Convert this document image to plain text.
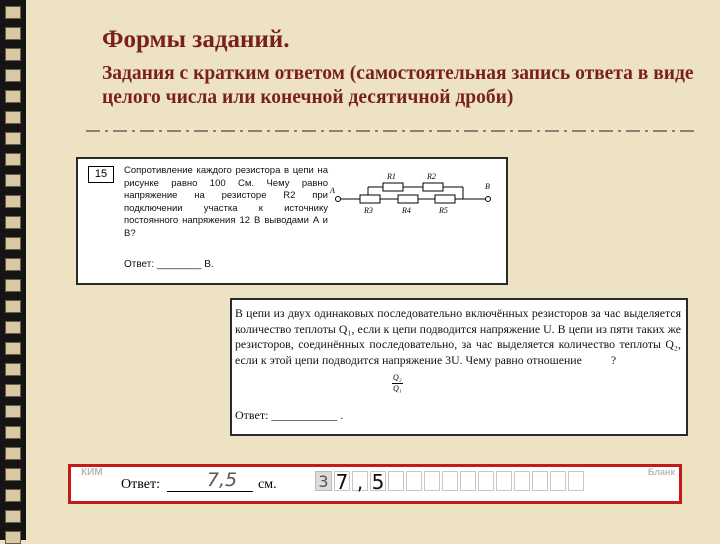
Формы заданий.
Задания с кратким ответом (самостоятельная запись ответа в виде целого числа или конечной десятичной дроби)
15	Сопротивление каждого резистора в цепи на рисунке равно 100 См. Чему равно напряжение на резисторе R2 при подключении участка к источнику постоянного напряжения 12 В выводами A и B?
Ответ: ________ В.
A	B
R1	R2
R3	R4	R5
В цепи из двух одинаковых последовательно включённых резисторов за час выделяется количество теплоты Q₁, если к цепи подводится напряжение U. В цепи из пяти таких же резисторов, соединённых последовательно, за час выделяется количество теплоты Q₂, если к этой цепи подводится напряжение 3U. Чему равно отношение ?
$\frac{\text{Q₂}}{\text{Q₁}}$
Ответ: ___________ .
КИМ	Бланк
Ответ:	7,5	см.	3 7 , 5
